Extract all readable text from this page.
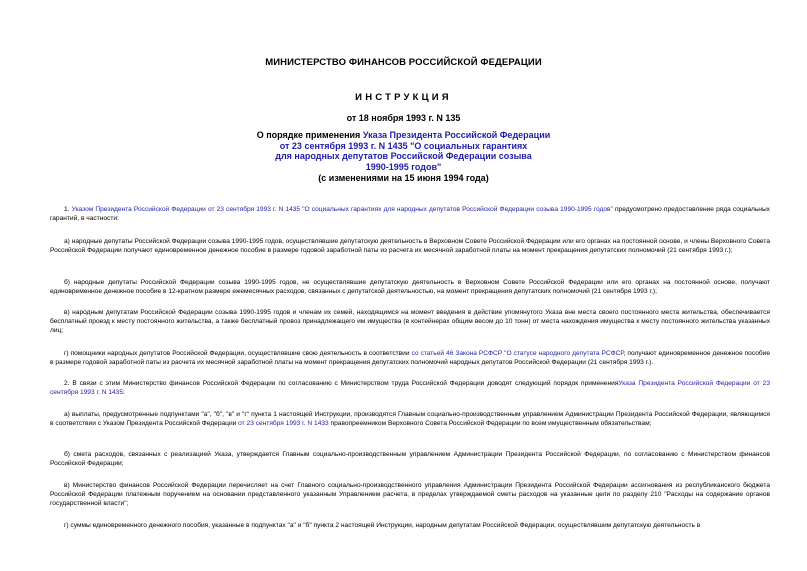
МИНИСТЕРСТВО ФИНАНСОВ РОССИЙСКОЙ ФЕДЕРАЦИИ
ИНСТРУКЦИЯ
от 18 ноября 1993 г. N 135
О порядке применения Указа Президента Российской Федерации
от 23 сентября 1993 г. N 1435 "О социальных гарантиях
для народных депутатов Российской Федерации созыва
1990-1995 годов"
(с изменениями на 15 июня 1994 года)
1. Указом Президента Российской Федерации от 23 сентября 1993 г. N 1435 "О социальных гарантиях для народных депутатов Российской Федерации созыва 1990-1995 годов" предусмотрено предоставление ряда социальных гарантий, в частности:
а) народные депутаты Российской Федерации созыва 1990-1995 годов, осуществлявшие депутатскую деятельность в Верховном Совете Российской Федерации или его органах на постоянной основе, и члены Верховного Совета Российской Федерации получают единовременное денежное пособие в размере годовой заработной паты из расчета их месячной заработной платы на момент прекращения депутатских полномочий (21 сентября 1993 г.);
б) народные депутаты Российской Федерации созыва 1990-1995 годов, не осуществлявшие депутатскую деятельность в Верховном Совете Российской Федерации или его органах на постоянной основе, получают единовременное денежное пособие в 12-кратном размере ежемесячных расходов, связанных с депутатской деятельностью, на момент прекращения депутатских полномочий (21 сентября 1993 г.);
в) народным депутатам Российской Федерации созыва 1990-1995 годов и членам их семей, находящимся на момент введения в действие упомянутого Указа вне места своего постоянного места жительства, обеспечивается бесплатный проезд к месту постоянного жительства, а также бесплатный провоз принадлежащего им имущества (в контейнерах общим весом до 10 тонн) от места нахождения имущества к месту постоянного жительства указанных лиц;
г) помощники народных депутатов Российской Федерации, осуществлявшие свою деятельность в соответствии со статьей 46 Закона РСФСР "О статусе народного депутата РСФСР, получают единовременное денежное пособие в размере годовой заработной паты из расчета их месячной заработной платы на момент прекращения депутатских полномочий народных депутатов Российской Федерации (21 сентября 1993 г.).
2. В связи с этим Министерство финансов Российской Федерации по согласованию с Министерством труда Российской Федерации доводят следующий порядок примененияУказа Президента Российской Федерации от 23 сентября 1993 г. N 1435:
а) выплаты, предусмотренные подпунктами "а", "б", "в" и "г" пункта 1 настоящей Инструкции, производятся Главным социально-производственным управлением Администрации Президента Российской Федерации, являющимся в соответствии с Указом Президента Российской Федерации от 23 сентября 1993 г. N 1433 правопреемником Верховного Совета Российской Федерации по всем имущественным обязательствам;
б) смета расходов, связанных с реализацией Указа, утверждается Главным социально-производственным управлением Администрации Президента Российской Федерации, по согласованию с Министерством финансов Российской Федерации;
в) Министерство финансов Российской Федерации перечисляет на счет Главного социально-производственного управления Администрации Президента Российской Федерации ассигнования из республиканского бюджета Российской Федерации платежным поручением на основании представленного указанным Управлением расчета, в пределах утверждаемой сметы расходов на указанные цели по разделу 210 "Расходы на содержание органов государственной власти";
г) суммы единовременного денежного пособия, указанные в подпунктах "а" и "б" пункта 2 настоящей Инструкции, народным депутатам Российской Федерации, осуществлявшим депутатскую деятельность в
